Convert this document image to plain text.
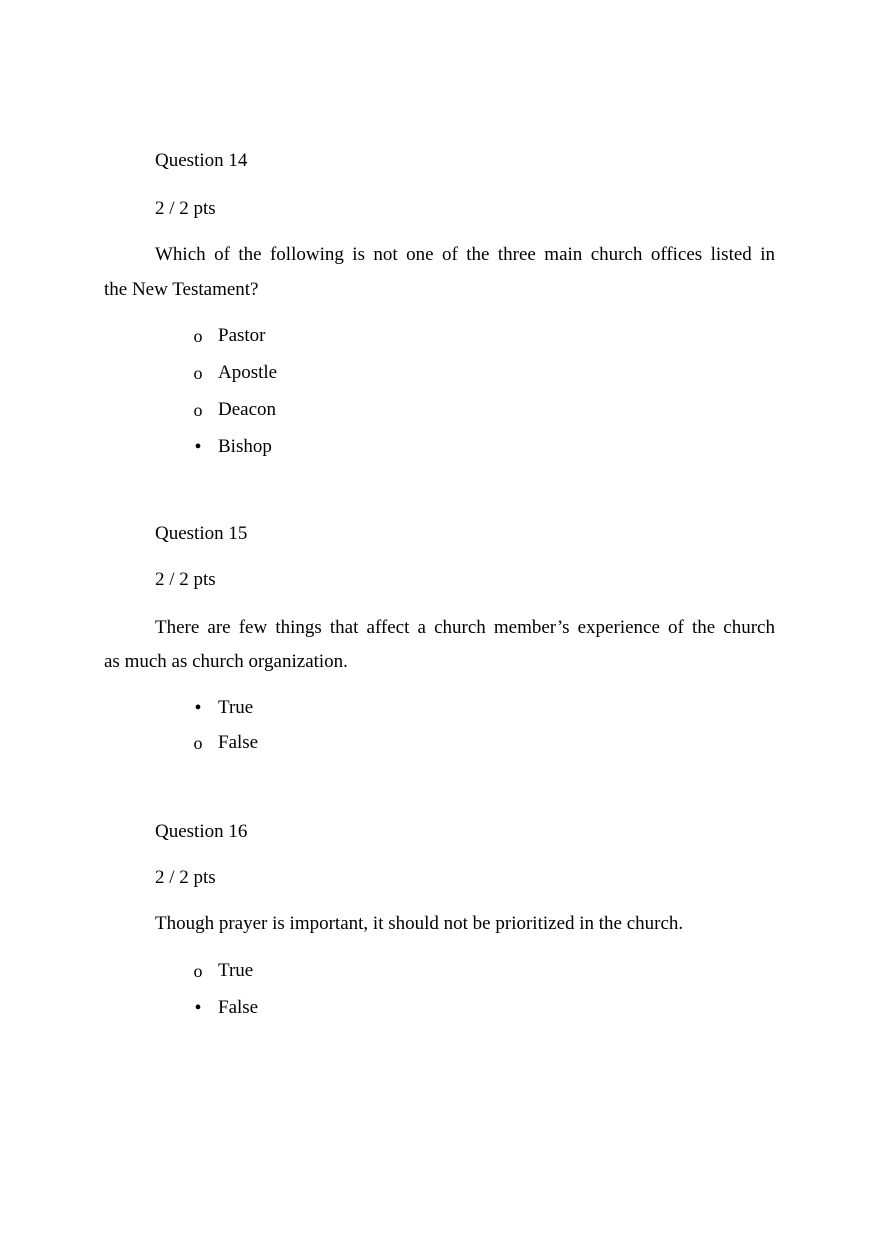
Question 14
2 / 2 pts
Which of the following is not one of the three main church offices listed in
the New Testament?
o Pastor
o Apostle
o Deacon
• Bishop
Question 15
2 / 2 pts
There are few things that affect a church member’s experience of the church
as much as church organization.
• True
o False
Question 16
2 / 2 pts
Though prayer is important, it should not be prioritized in the church.
o True
• False
